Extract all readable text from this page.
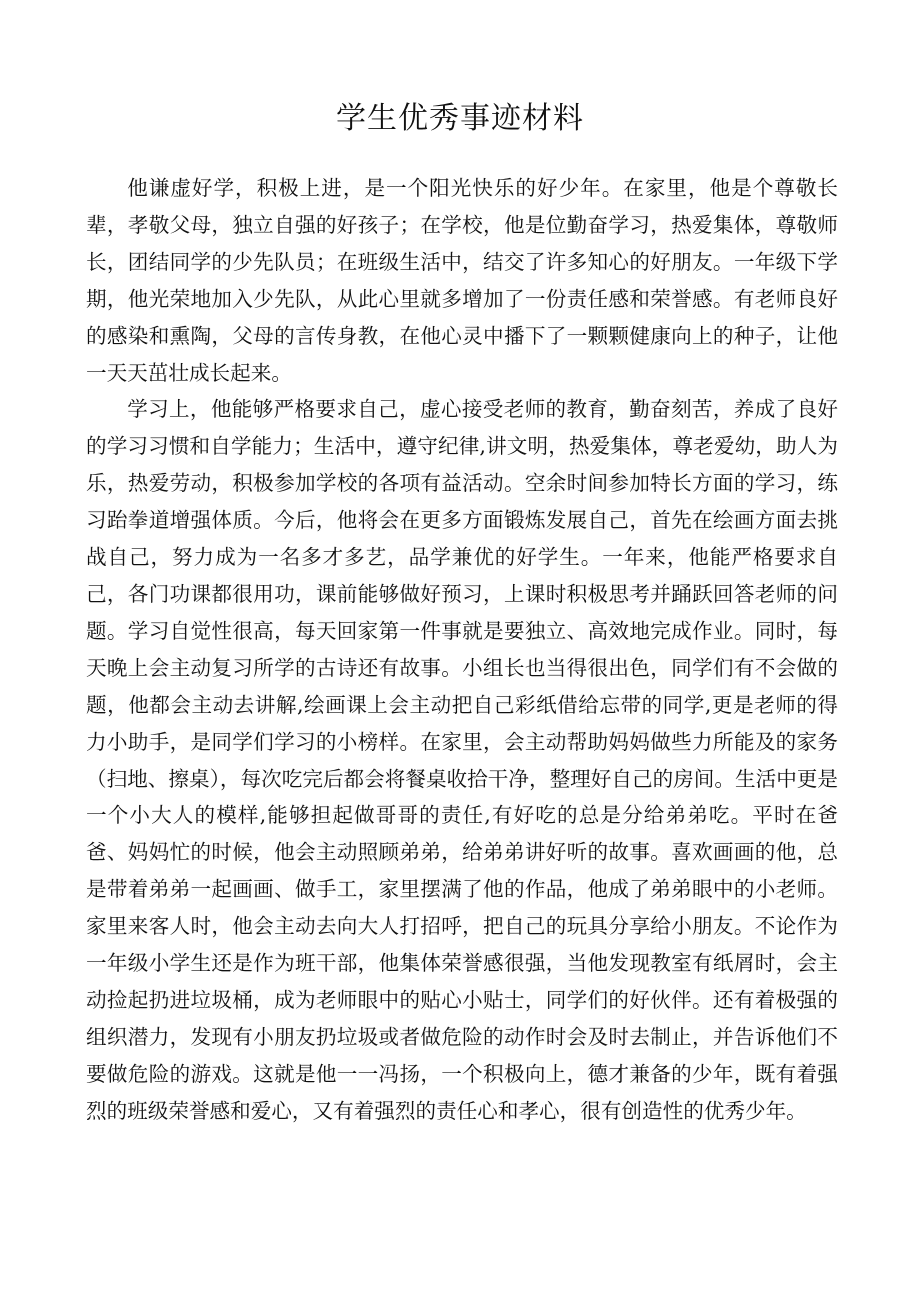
学生优秀事迹材料

他谦虚好学，积极上进，是一个阳光快乐的好少年。在家里，他是个尊敬长辈，孝敬父母，独立自强的好孩子；在学校，他是位勤奋学习，热爱集体，尊敬师长，团结同学的少先队员；在班级生活中，结交了许多知心的好朋友。一年级下学期，他光荣地加入少先队，从此心里就多增加了一份责任感和荣誉感。有老师良好的感染和熏陶，父母的言传身教，在他心灵中播下了一颗颗健康向上的种子，让他一天天茁壮成长起来。

学习上，他能够严格要求自己，虚心接受老师的教育，勤奋刻苦，养成了良好的学习习惯和自学能力；生活中，遵守纪律,讲文明，热爱集体，尊老爱幼，助人为乐，热爱劳动，积极参加学校的各项有益活动。空余时间参加特长方面的学习，练习跆拳道增强体质。今后，他将会在更多方面锻炼发展自己，首先在绘画方面去挑战自己，努力成为一名多才多艺，品学兼优的好学生。一年来，他能严格要求自己，各门功课都很用功，课前能够做好预习，上课时积极思考并踊跃回答老师的问题。学习自觉性很高，每天回家第一件事就是要独立、高效地完成作业。同时，每天晚上会主动复习所学的古诗还有故事。小组长也当得很出色，同学们有不会做的题，他都会主动去讲解,绘画课上会主动把自己彩纸借给忘带的同学,更是老师的得力小助手，是同学们学习的小榜样。在家里，会主动帮助妈妈做些力所能及的家务（扫地、擦桌），每次吃完后都会将餐桌收拾干净，整理好自己的房间。生活中更是一个小大人的模样,能够担起做哥哥的责任,有好吃的总是分给弟弟吃。平时在爸爸、妈妈忙的时候，他会主动照顾弟弟，给弟弟讲好听的故事。喜欢画画的他，总是带着弟弟一起画画、做手工，家里摆满了他的作品，他成了弟弟眼中的小老师。家里来客人时，他会主动去向大人打招呼，把自己的玩具分享给小朋友。不论作为一年级小学生还是作为班干部，他集体荣誉感很强，当他发现教室有纸屑时，会主动捡起扔进垃圾桶，成为老师眼中的贴心小贴士，同学们的好伙伴。还有着极强的组织潜力，发现有小朋友扔垃圾或者做危险的动作时会及时去制止，并告诉他们不要做危险的游戏。这就是他一一冯扬，一个积极向上，德才兼备的少年，既有着强烈的班级荣誉感和爱心，又有着强烈的责任心和孝心，很有创造性的优秀少年。
